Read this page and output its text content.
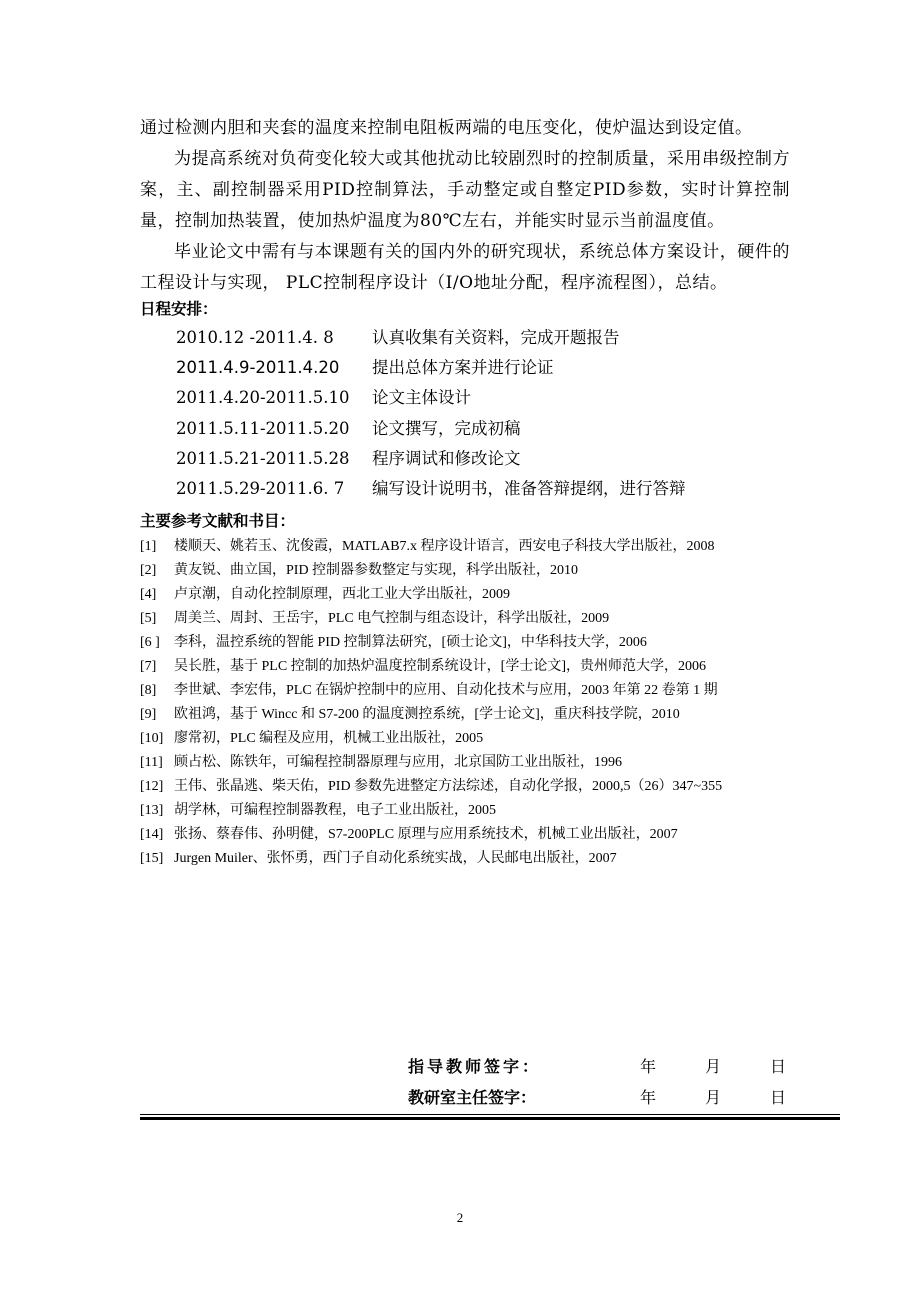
通过检测内胆和夹套的温度来控制电阻板两端的电压变化，使炉温达到设定值。

为提高系统对负荷变化较大或其他扰动比较剧烈时的控制质量，采用串级控制方案，主、副控制器采用PID控制算法，手动整定或自整定PID参数，实时计算控制量，控制加热装置，使加热炉温度为80℃左右，并能实时显示当前温度值。

毕业论文中需有与本课题有关的国内外的研究现状，系统总体方案设计，硬件的工程设计与实现， PLC控制程序设计（I/O地址分配，程序流程图），总结。

日程安排：
2010.12 -2011.4. 8 认真收集有关资料，完成开题报告
2011.4.9-2011.4.20 提出总体方案并进行论证
2011.4.20-2011.5.10 论文主体设计
2011.5.11-2011.5.20 论文撰写，完成初稿
2011.5.21-2011.5.28 程序调试和修改论文
2011.5.29-2011.6. 7 编写设计说明书，准备答辩提纲，进行答辩
主要参考文献和书目：
[1] 楼顺天、姚若玉、沈俊霞，MATLAB7.x 程序设计语言，西安电子科技大学出版社，2008
[2] 黄友锐、曲立国，PID 控制器参数整定与实现，科学出版社，2010
[4] 卢京潮，自动化控制原理，西北工业大学出版社，2009
[5] 周美兰、周封、王岳宇，PLC 电气控制与组态设计，科学出版社，2009
[6 ] 李科，温控系统的智能 PID 控制算法研究，[硕士论文]，中华科技大学，2006
[7] 吴长胜，基于 PLC 控制的加热炉温度控制系统设计，[学士论文]，贵州师范大学，2006
[8] 李世斌、李宏伟，PLC 在锅炉控制中的应用、自动化技术与应用，2003 年第 22 卷第 1 期
[9] 欧祖鸿，基于 Wincc 和 S7-200 的温度测控系统，[学士论文]，重庆科技学院，2010
[10] 廖常初，PLC 编程及应用，机械工业出版社，2005
[11] 顾占松、陈铁年，可编程控制器原理与应用，北京国防工业出版社，1996
[12] 王伟、张晶逃、柴天佑，PID 参数先进整定方法综述，自动化学报，2000,5（26）347~355
[13] 胡学林，可编程控制器教程，电子工业出版社，2005
[14] 张扬、蔡春伟、孙明健，S7-200PLC 原理与应用系统技术，机械工业出版社，2007
[15] Jurgen Muiler、张怀勇，西门子自动化系统实战，人民邮电出版社，2007
指导教师签字：	年	月	日
教研室主任签字：	年	月	日
2
